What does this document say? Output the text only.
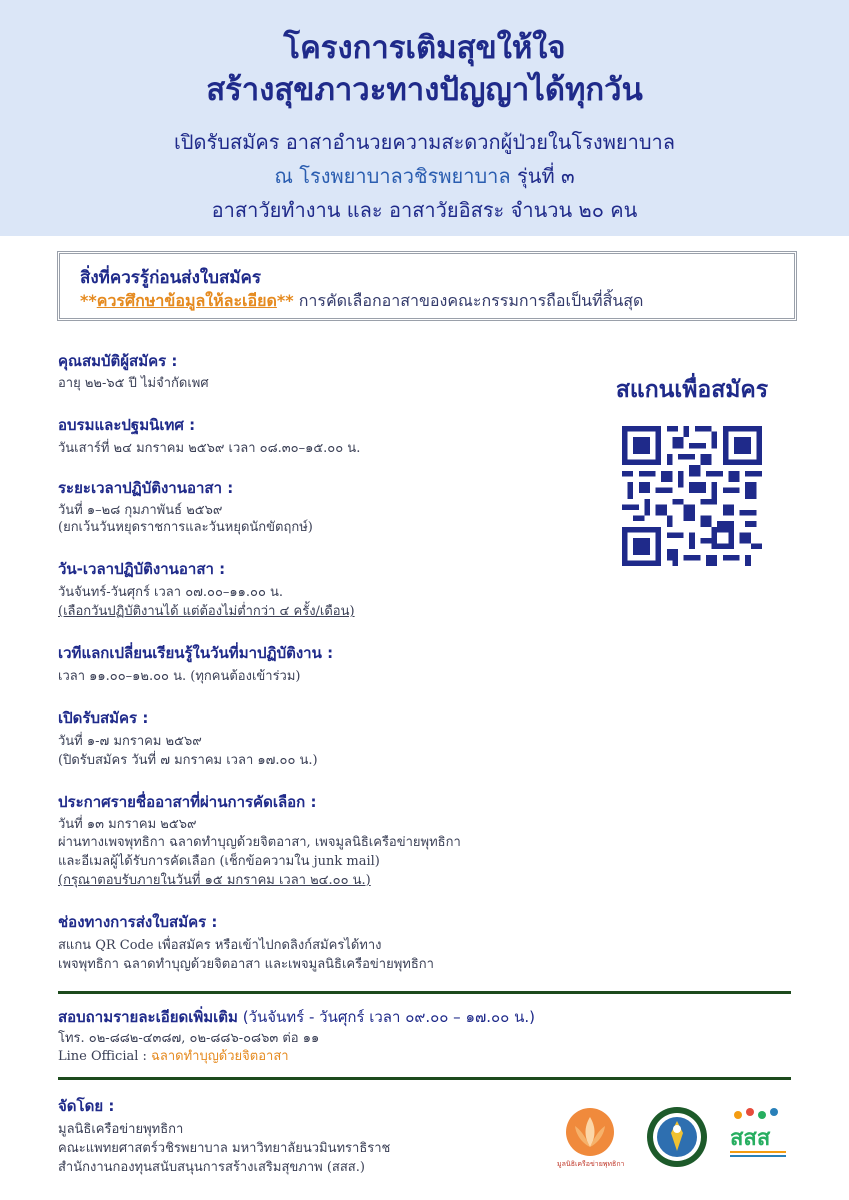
โครงการเติมสุขให้ใจ
สร้างสุขภาวะทางปัญญาได้ทุกวัน
เปิดรับสมัคร อาสาอำนวยความสะดวกผู้ป่วยในโรงพยาบาล
ณ โรงพยาบาลวชิรพยาบาล รุ่นที่ ๓
อาสาวัยทำงาน และ อาสาวัยอิสระ จำนวน ๒๐ คน
สิ่งที่ควรรู้ก่อนส่งใบสมัคร
**ควรศึกษาข้อมูลให้ละเอียด** การคัดเลือกอาสาของคณะกรรมการถือเป็นที่สิ้นสุด
คุณสมบัติผู้สมัคร :
อายุ ๒๒-๖๕ ปี ไม่จำกัดเพศ
อบรมและปฐมนิเทศ :
วันเสาร์ที่ ๒๔ มกราคม ๒๕๖๙ เวลา ๐๘.๓๐–๑๕.๐๐ น.
ระยะเวลาปฏิบัติงานอาสา :
วันที่ ๑–๒๘ กุมภาพันธ์ ๒๕๖๙
(ยกเว้นวันหยุดราชการและวันหยุดนักขัตฤกษ์)
วัน-เวลาปฏิบัติงานอาสา :
วันจันทร์-วันศุกร์ เวลา ๐๗.๐๐–๑๑.๐๐ น.
(เลือกวันปฏิบัติงานได้ แต่ต้องไม่ต่ำกว่า ๔ ครั้ง/เดือน)
เวทีแลกเปลี่ยนเรียนรู้ในวันที่มาปฏิบัติงาน :
เวลา ๑๑.๐๐–๑๒.๐๐ น. (ทุกคนต้องเข้าร่วม)
เปิดรับสมัคร :
วันที่ ๑-๗ มกราคม ๒๕๖๙
(ปิดรับสมัคร วันที่ ๗ มกราคม เวลา ๑๗.๐๐ น.)
ประกาศรายชื่ออาสาที่ผ่านการคัดเลือก :
วันที่ ๑๓ มกราคม ๒๕๖๙
ผ่านทางเพจพุทธิกา ฉลาดทำบุญด้วยจิตอาสา, เพจมูลนิธิเครือข่ายพุทธิกา
และอีเมลผู้ได้รับการคัดเลือก (เช็กข้อความใน junk mail)
(กรุณาตอบรับภายในวันที่ ๑๕ มกราคม เวลา ๒๔.๐๐ น.)
ช่องทางการส่งใบสมัคร :
สแกน QR Code เพื่อสมัคร หรือเข้าไปกดลิงก์สมัครได้ทาง
เพจพุทธิกา ฉลาดทำบุญด้วยจิตอาสา และเพจมูลนิธิเครือข่ายพุทธิกา
สแกนเพื่อสมัคร
สอบถามรายละเอียดเพิ่มเติม (วันจันทร์ - วันศุกร์ เวลา ๐๙.๐๐ – ๑๗.๐๐ น.)
โทร. ๐๒-๘๘๒-๔๓๘๗, ๐๒-๘๘๖-๐๘๖๓ ต่อ ๑๑
Line Official : ฉลาดทำบุญด้วยจิตอาสา
จัดโดย :
มูลนิธิเครือข่ายพุทธิกา
คณะแพทยศาสตร์วชิรพยาบาล มหาวิทยาลัยนวมินทราธิราช
สำนักงานกองทุนสนับสนุนการสร้างเสริมสุขภาพ (สสส.)	มูลนิธิเครือข่ายพุทธิกา
สสส
